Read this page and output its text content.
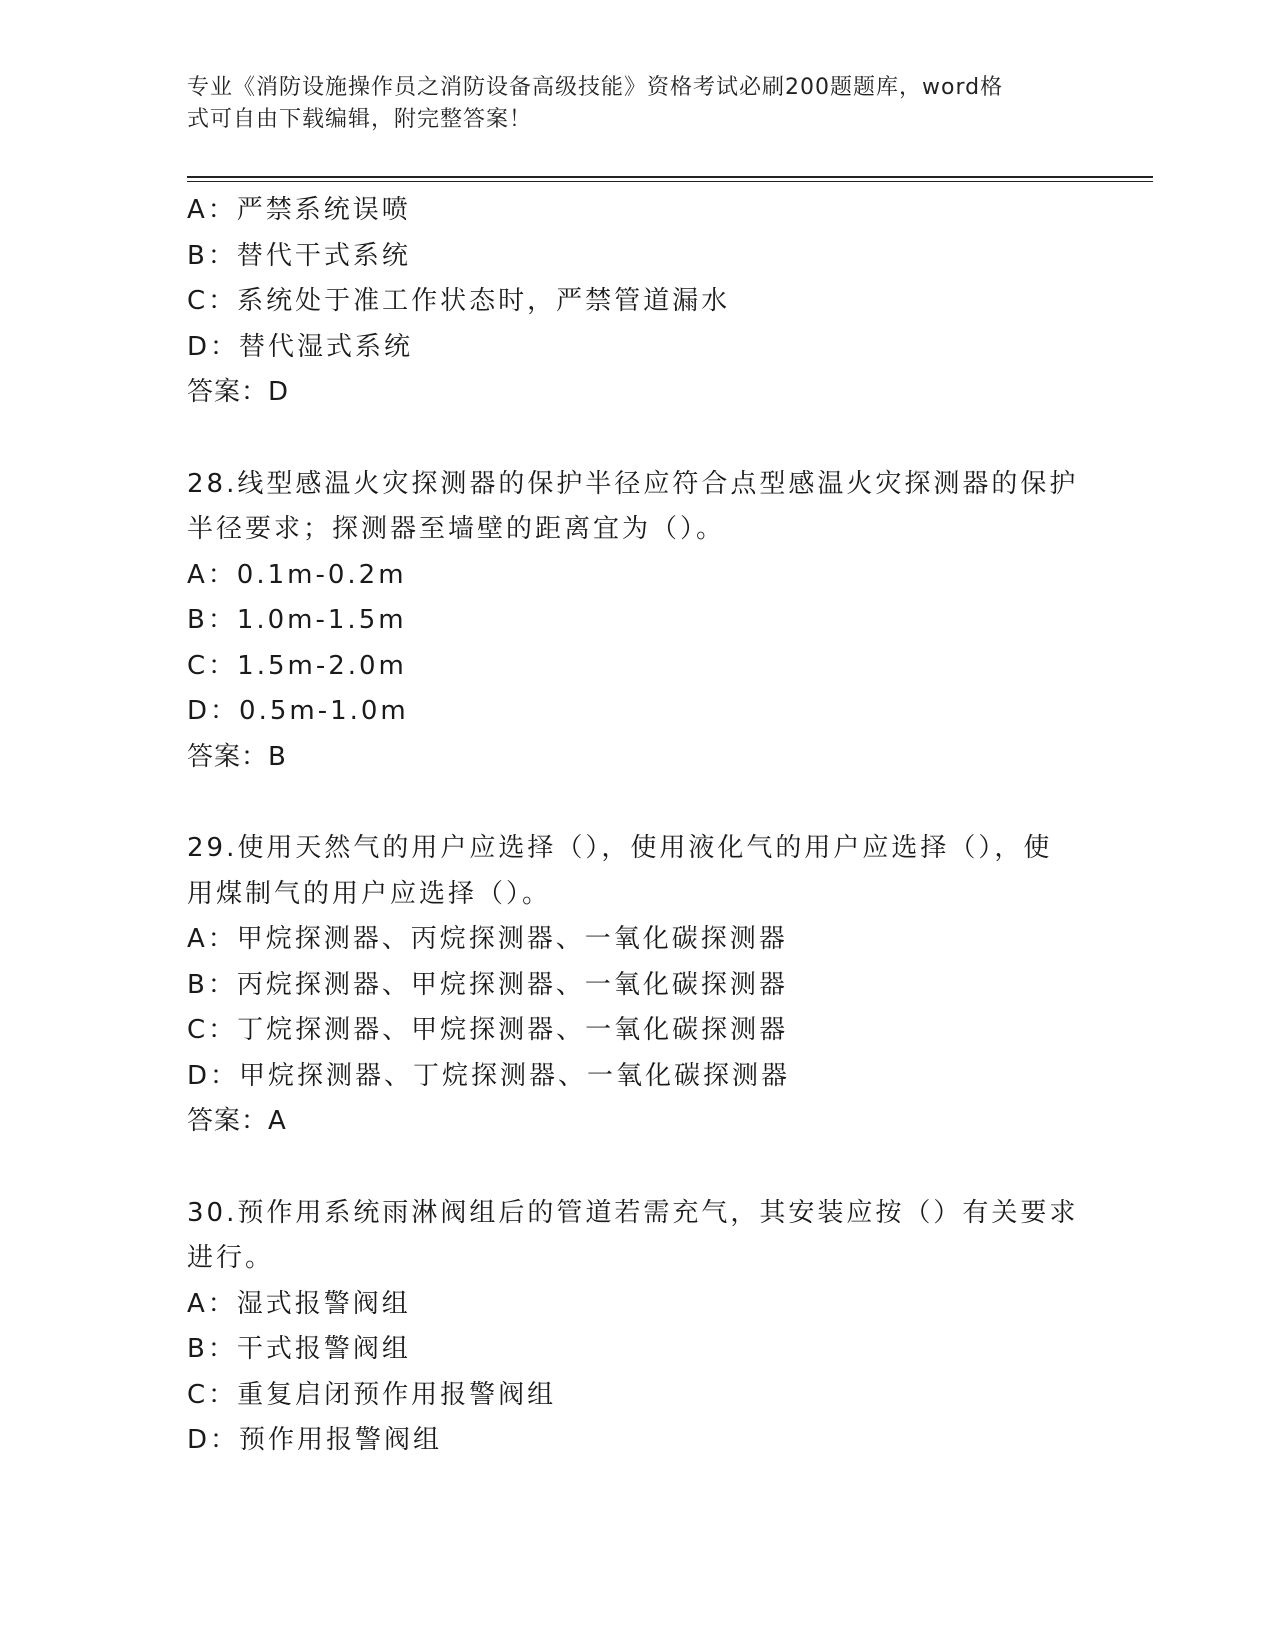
专业《消防设施操作员之消防设备高级技能》资格考试必刷200题题库，word格
式可自由下载编辑，附完整答案！
A：严禁系统误喷
B：替代干式系统
C：系统处于准工作状态时，严禁管道漏水
D：替代湿式系统
答案：D
28.线型感温火灾探测器的保护半径应符合点型感温火灾探测器的保护
半径要求；探测器至墙壁的距离宜为（）。
A：0.1m-0.2m
B：1.0m-1.5m
C：1.5m-2.0m
D：0.5m-1.0m
答案：B
29.使用天然气的用户应选择（），使用液化气的用户应选择（），使
用煤制气的用户应选择（）。
A：甲烷探测器、丙烷探测器、一氧化碳探测器
B：丙烷探测器、甲烷探测器、一氧化碳探测器
C：丁烷探测器、甲烷探测器、一氧化碳探测器
D：甲烷探测器、丁烷探测器、一氧化碳探测器
答案：A
30.预作用系统雨淋阀组后的管道若需充气，其安装应按（）有关要求
进行。
A：湿式报警阀组
B：干式报警阀组
C：重复启闭预作用报警阀组
D：预作用报警阀组
